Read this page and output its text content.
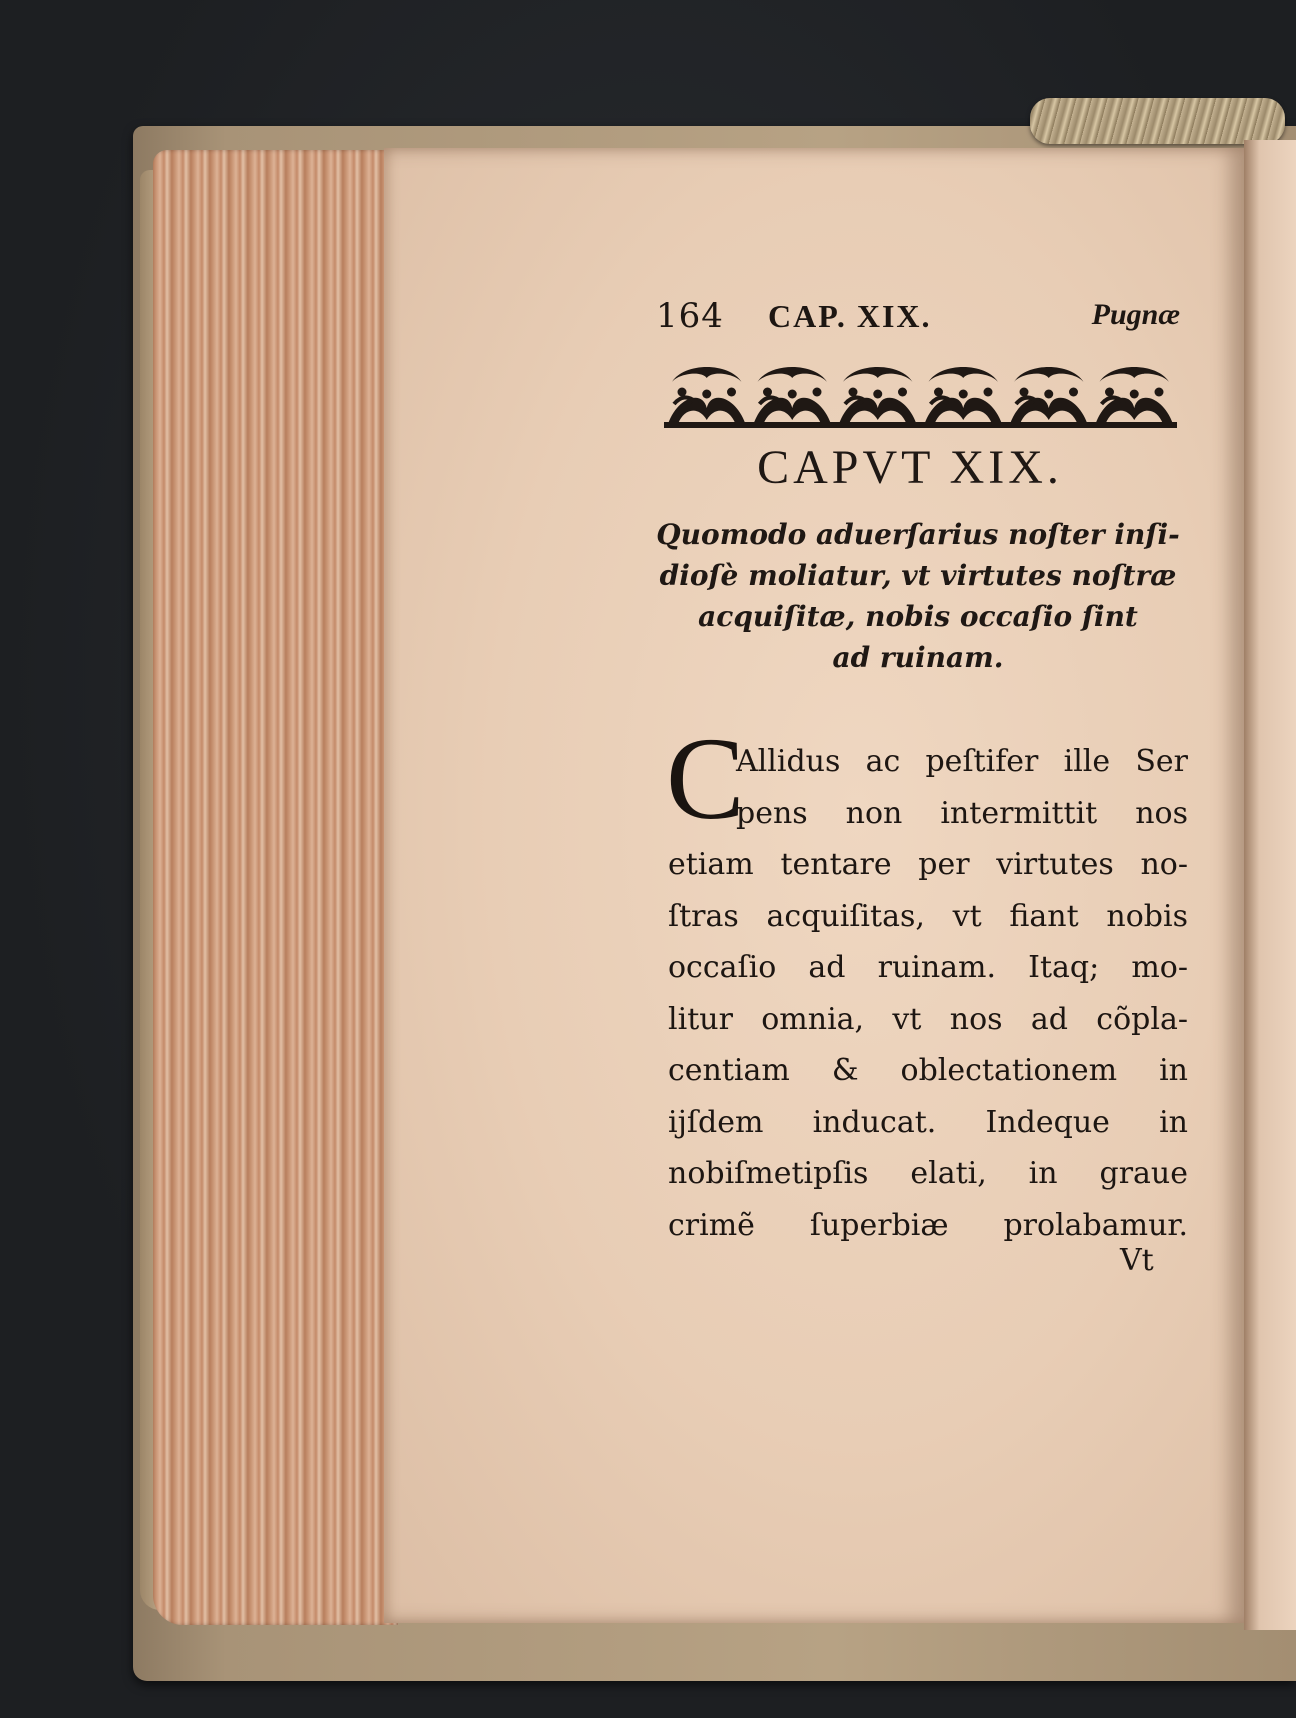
164 CAP. XIX.	Pugnæ
CAPVT XIX.
Quomodo aduerſarius noſter inſi-
dioſè moliatur, vt virtutes noſtræ
acquiſitæ, nobis occaſio ſint
ad ruinam.
C
Allidus ac peſtifer ille Ser
pens non intermittit nos
etiam tentare per virtutes no-
ſtras acquiſitas, vt fiant nobis
occaſio ad ruinam. Itaq; mo-
litur omnia, vt nos ad cõpla-
centiam & oblectationem in
ijſdem inducat. Indeque in
nobiſmetipſis elati, in graue
crimẽ ſuperbiæ prolabamur.
Vt
